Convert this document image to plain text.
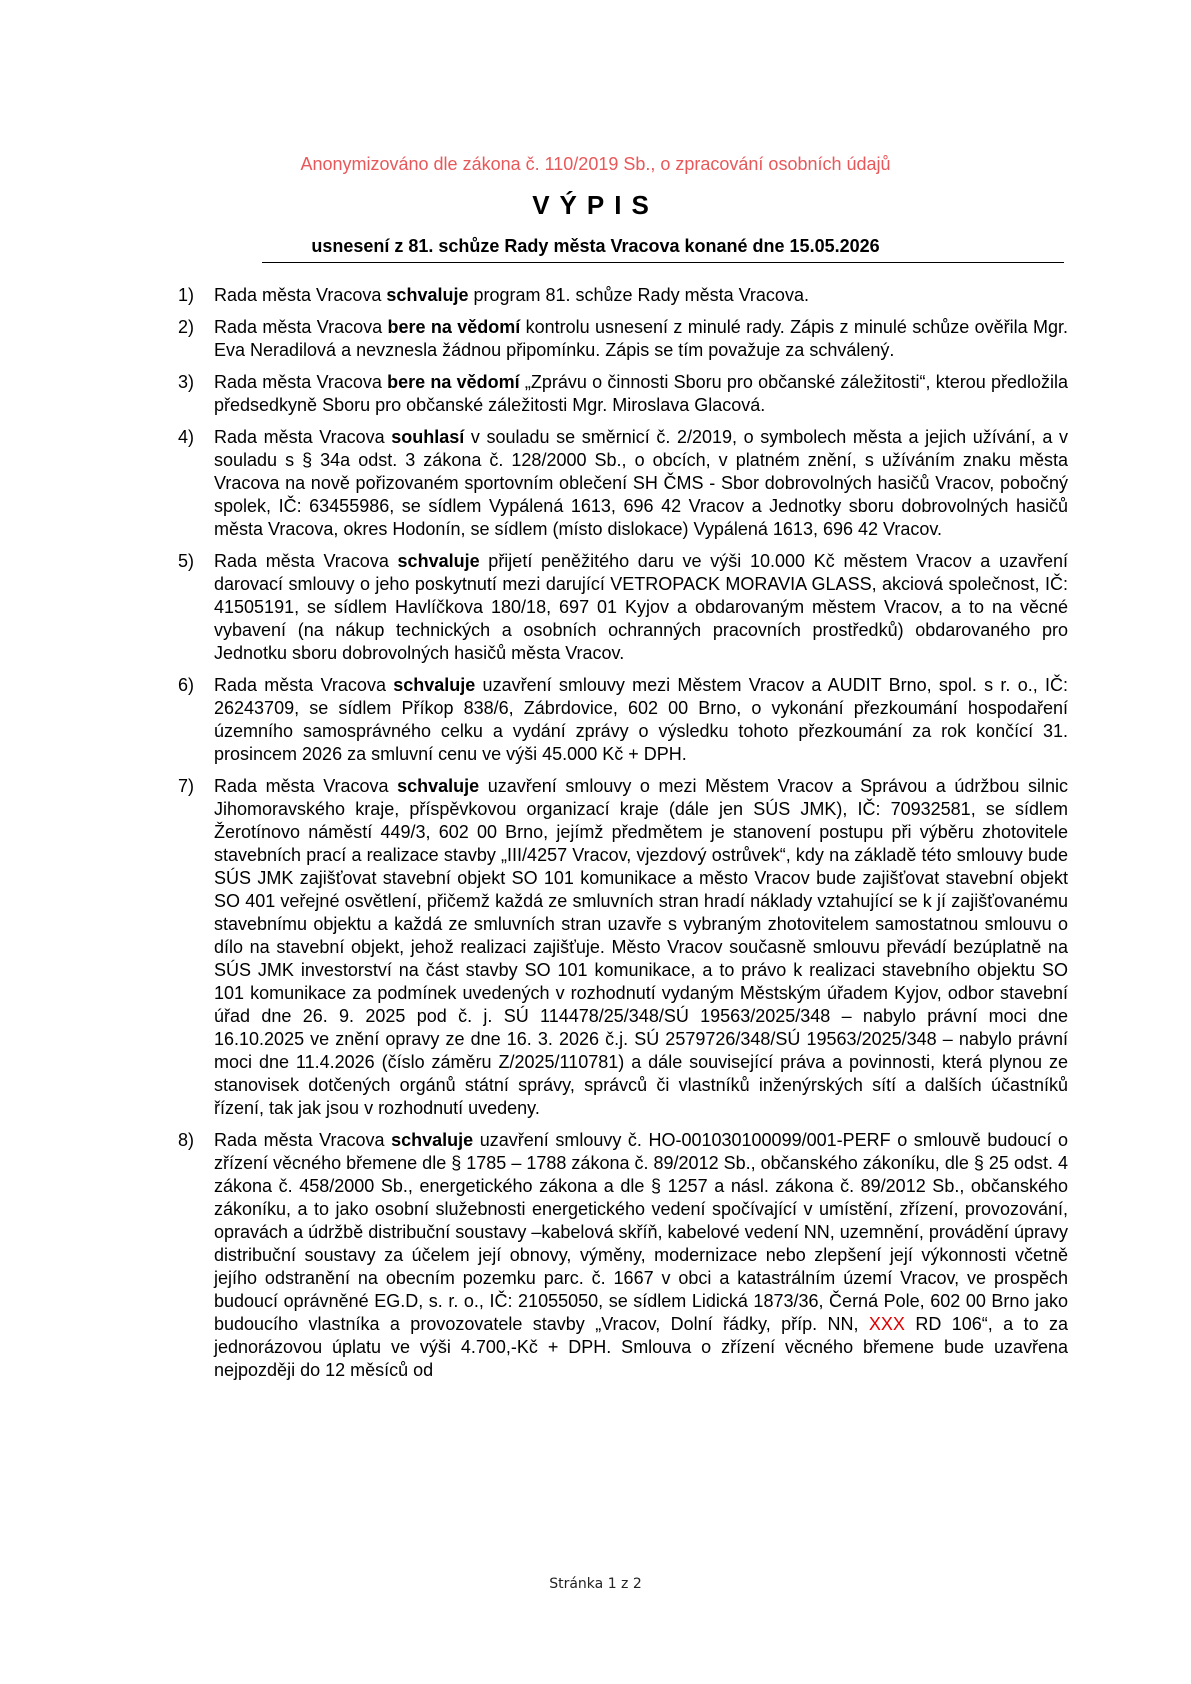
Anonymizováno dle zákona č. 110/2019 Sb., o zpracování osobních údajů
VÝPIS
usnesení z 81. schůze Rady města Vracova konané dne 15.05.2026
1)	Rada města Vracova schvaluje program 81. schůze Rady města Vracova.
2)	Rada města Vracova bere na vědomí kontrolu usnesení z minulé rady. Zápis z minulé schůze ověřila Mgr. Eva Neradilová a nevznesla žádnou připomínku. Zápis se tím považuje za schválený.
3)	Rada města Vracova bere na vědomí „Zprávu o činnosti Sboru pro občanské záležitosti“, kterou předložila předsedkyně Sboru pro občanské záležitosti Mgr. Miroslava Glacová.
4)	Rada města Vracova souhlasí v souladu se směrnicí č. 2/2019, o symbolech města a jejich užívání, a v souladu s § 34a odst. 3 zákona č. 128/2000 Sb., o obcích, v platném znění, s užíváním znaku města Vracova na nově pořizovaném sportovním oblečení SH ČMS - Sbor dobrovolných hasičů Vracov, pobočný spolek, IČ: 63455986, se sídlem Vypálená 1613, 696 42 Vracov a Jednotky sboru dobrovolných hasičů města Vracova, okres Hodonín, se sídlem (místo dislokace) Vypálená 1613, 696 42 Vracov.
5)	Rada města Vracova schvaluje přijetí peněžitého daru ve výši 10.000 Kč městem Vracov a uzavření darovací smlouvy o jeho poskytnutí mezi darující VETROPACK MORAVIA GLASS, akciová společnost, IČ: 41505191, se sídlem Havlíčkova 180/18, 697 01 Kyjov a obdarovaným městem Vracov, a to na věcné vybavení (na nákup technických a osobních ochranných pracovních prostředků) obdarovaného pro Jednotku sboru dobrovolných hasičů města Vracov.
6)	Rada města Vracova schvaluje uzavření smlouvy mezi Městem Vracov a AUDIT Brno, spol. s r. o., IČ: 26243709, se sídlem Příkop 838/6, Zábrdovice, 602 00 Brno, o vykonání přezkoumání hospodaření územního samosprávného celku a vydání zprávy o výsledku tohoto přezkoumání za rok končící 31. prosincem 2026 za smluvní cenu ve výši 45.000 Kč + DPH.
7)	Rada města Vracova schvaluje uzavření smlouvy o mezi Městem Vracov a Správou a údržbou silnic Jihomoravského kraje, příspěvkovou organizací kraje (dále jen SÚS JMK), IČ: 70932581, se sídlem Žerotínovo náměstí 449/3, 602 00 Brno, jejímž předmětem je stanovení postupu při výběru zhotovitele stavebních prací a realizace stavby „III/4257 Vracov, vjezdový ostrůvek“, kdy na základě této smlouvy bude SÚS JMK zajišťovat stavební objekt SO 101 komunikace a město Vracov bude zajišťovat stavební objekt SO 401 veřejné osvětlení, přičemž každá ze smluvních stran hradí náklady vztahující se k jí zajišťovanému stavebnímu objektu a každá ze smluvních stran uzavře s vybraným zhotovitelem samostatnou smlouvu o dílo na stavební objekt, jehož realizaci zajišťuje. Město Vracov současně smlouvu převádí bezúplatně na SÚS JMK investorství na část stavby SO 101 komunikace, a to právo k realizaci stavebního objektu SO 101 komunikace za podmínek uvedených v rozhodnutí vydaným Městským úřadem Kyjov, odbor stavební úřad dne 26. 9. 2025 pod č. j. SÚ 114478/25/348/SÚ 19563/2025/348 – nabylo právní moci dne 16.10.2025 ve znění opravy ze dne 16. 3. 2026 č.j. SÚ 2579726/348/SÚ 19563/2025/348 – nabylo právní moci dne 11.4.2026 (číslo záměru Z/2025/110781) a dále související práva a povinnosti, která plynou ze stanovisek dotčených orgánů státní správy, správců či vlastníků inženýrských sítí a dalších účastníků řízení, tak jak jsou v rozhodnutí uvedeny.
8)	Rada města Vracova schvaluje uzavření smlouvy č. HO-001030100099/001-PERF o smlouvě budoucí o zřízení věcného břemene dle § 1785 – 1788 zákona č. 89/2012 Sb., občanského zákoníku, dle § 25 odst. 4 zákona č. 458/2000 Sb., energetického zákona a dle § 1257 a násl. zákona č. 89/2012 Sb., občanského zákoníku, a to jako osobní služebnosti energetického vedení spočívající v umístění, zřízení, provozování, opravách a údržbě distribuční soustavy –kabelová skříň, kabelové vedení NN, uzemnění, provádění úpravy distribuční soustavy za účelem její obnovy, výměny, modernizace nebo zlepšení její výkonnosti včetně jejího odstranění na obecním pozemku parc. č. 1667 v obci a katastrálním území Vracov, ve prospěch budoucí oprávněné EG.D, s. r. o., IČ: 21055050, se sídlem Lidická 1873/36, Černá Pole, 602 00 Brno jako budoucího vlastníka a provozovatele stavby „Vracov, Dolní řádky, příp. NN, XXX RD 106“, a to za jednorázovou úplatu ve výši 4.700,-Kč + DPH. Smlouva o zřízení věcného břemene bude uzavřena nejpozději do 12 měsíců od
Stránka 1 z 2
